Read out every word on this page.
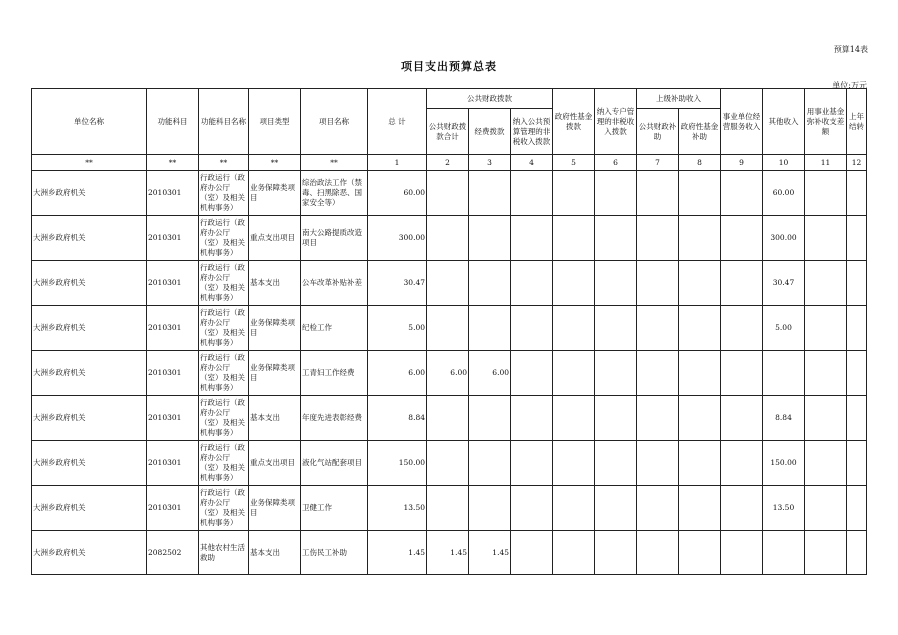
预算14表
项目支出预算总表
单位:万元
单位名称	功能科目	功能科目名称	项目类型	项目名称	总 计	公共财政拨款			政府性基金拨款	纳入专户管理的非税收入拨款	上级补助收入		事业单位经营服务收入	其他收入	用事业基金弥补收支差额	上年结转
						公共财政拨款合计	经费拨款	纳入公共预算管理的非税收入拨款			公共财政补助	政府性基金补助				
**	**	**	**	**	1	2	3	4	5	6	7	8	9	10	11	12
大洲乡政府机关	2010301	行政运行（政府办公厅（室）及相关机构事务）	业务保障类项目	综治政法工作（禁毒、扫黑除恶、国家安全等）	60.00									60.00		
大洲乡政府机关	2010301	行政运行（政府办公厅（室）及相关机构事务）	重点支出项目	南大公路提质改造项目	300.00									300.00		
大洲乡政府机关	2010301	行政运行（政府办公厅（室）及相关机构事务）	基本支出	公车改革补贴补差	30.47									30.47		
大洲乡政府机关	2010301	行政运行（政府办公厅（室）及相关机构事务）	业务保障类项目	纪检工作	5.00									5.00		
大洲乡政府机关	2010301	行政运行（政府办公厅（室）及相关机构事务）	业务保障类项目	工青妇工作经费	6.00	6.00	6.00									
大洲乡政府机关	2010301	行政运行（政府办公厅（室）及相关机构事务）	基本支出	年度先进表彰经费	8.84									8.84		
大洲乡政府机关	2010301	行政运行（政府办公厅（室）及相关机构事务）	重点支出项目	液化气站配套项目	150.00									150.00		
大洲乡政府机关	2010301	行政运行（政府办公厅（室）及相关机构事务）	业务保障类项目	卫健工作	13.50									13.50		
大洲乡政府机关	2082502	其他农村生活救助	基本支出	工伤民工补助	1.45	1.45	1.45									
